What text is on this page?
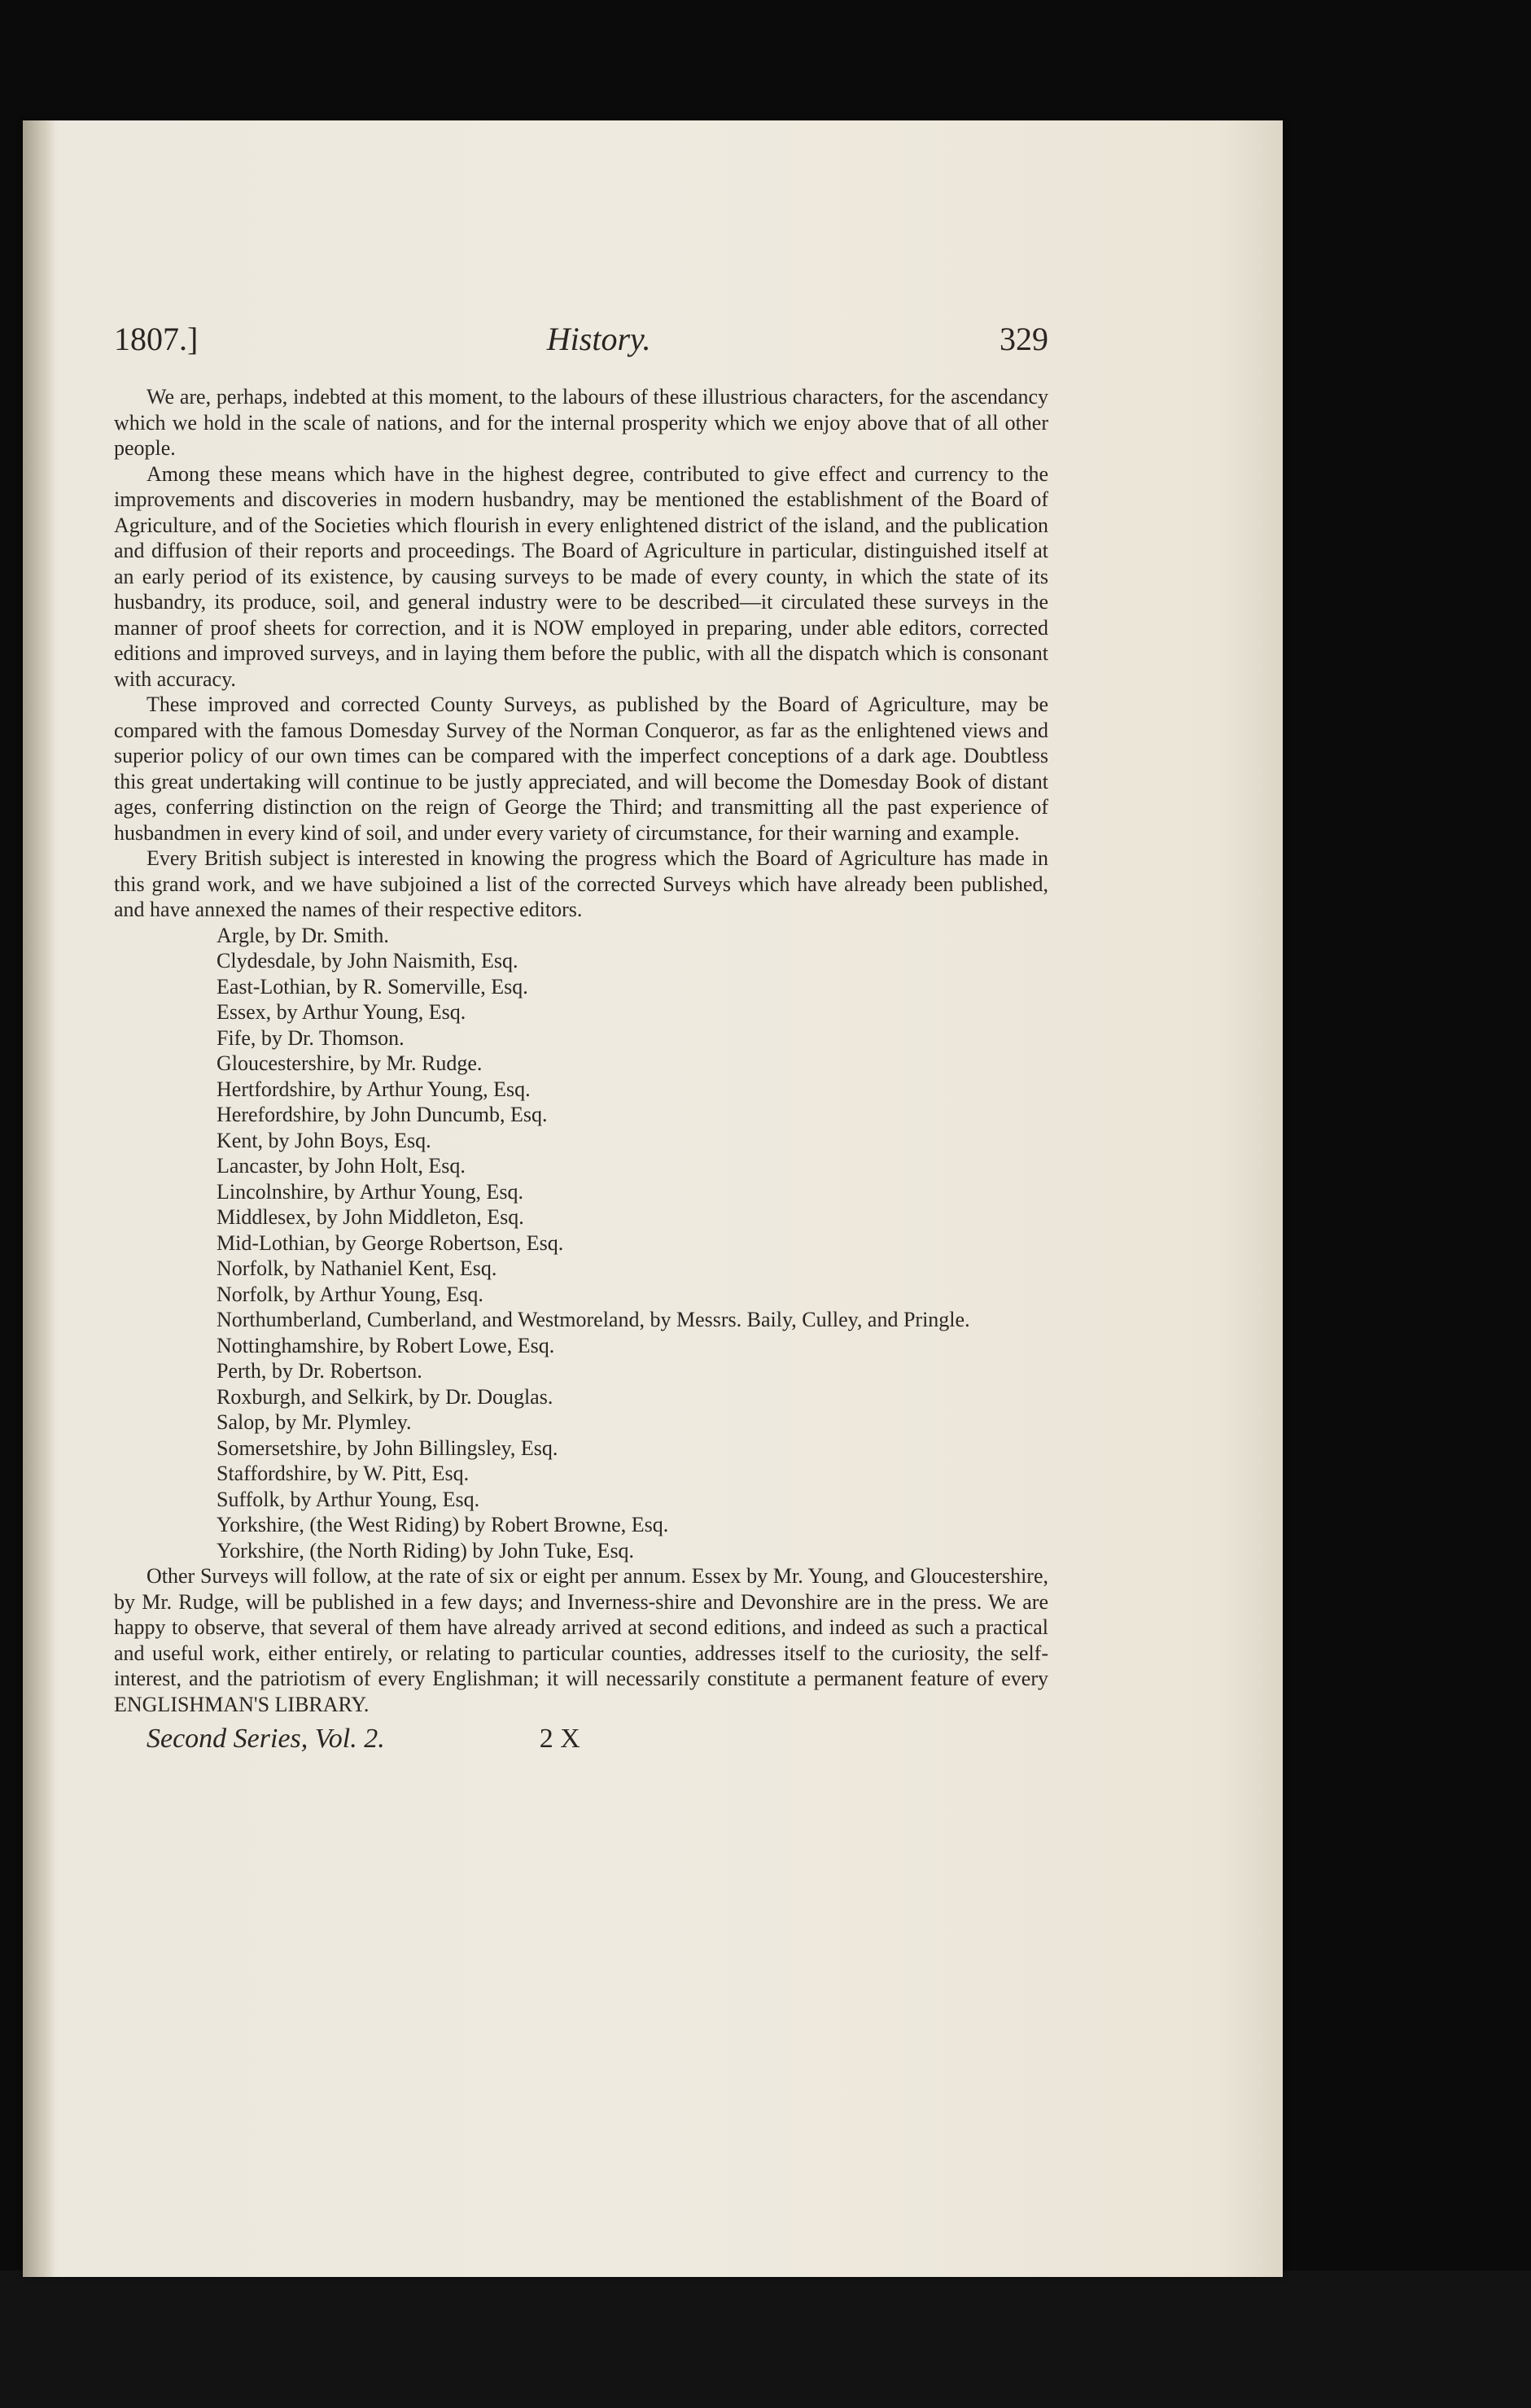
1807.]	History.	329

We are, perhaps, indebted at this moment, to the labours of these illustrious characters, for the ascendancy which we hold in the scale of nations, and for the internal prosperity which we enjoy above that of all other people.

Among these means which have in the highest degree, contributed to give effect and currency to the improvements and discoveries in modern husbandry, may be mentioned the establishment of the Board of Agriculture, and of the Societies which flourish in every enlightened district of the island, and the publication and diffusion of their reports and proceedings. The Board of Agriculture in particular, distinguished itself at an early period of its existence, by causing surveys to be made of every county, in which the state of its husbandry, its produce, soil, and general industry were to be described—it circulated these surveys in the manner of proof sheets for correction, and it is NOW employed in preparing, under able editors, corrected editions and improved surveys, and in laying them before the public, with all the dispatch which is consonant with accuracy.

These improved and corrected County Surveys, as published by the Board of Agriculture, may be compared with the famous Domesday Survey of the Norman Conqueror, as far as the enlightened views and superior policy of our own times can be compared with the imperfect conceptions of a dark age. Doubtless this great undertaking will continue to be justly appreciated, and will become the Domesday Book of distant ages, conferring distinction on the reign of George the Third; and transmitting all the past experience of husbandmen in every kind of soil, and under every variety of circumstance, for their warning and example.

Every British subject is interested in knowing the progress which the Board of Agriculture has made in this grand work, and we have subjoined a list of the corrected Surveys which have already been published, and have annexed the names of their respective editors.

Argle, by Dr. Smith.
Clydesdale, by John Naismith, Esq.
East-Lothian, by R. Somerville, Esq.
Essex, by Arthur Young, Esq.
Fife, by Dr. Thomson.
Gloucestershire, by Mr. Rudge.
Hertfordshire, by Arthur Young, Esq.
Herefordshire, by John Duncumb, Esq.
Kent, by John Boys, Esq.
Lancaster, by John Holt, Esq.
Lincolnshire, by Arthur Young, Esq.
Middlesex, by John Middleton, Esq.
Mid-Lothian, by George Robertson, Esq.
Norfolk, by Nathaniel Kent, Esq.
Norfolk, by Arthur Young, Esq.
Northumberland, Cumberland, and Westmoreland, by Messrs. Baily, Culley, and Pringle.
Nottinghamshire, by Robert Lowe, Esq.
Perth, by Dr. Robertson.
Roxburgh, and Selkirk, by Dr. Douglas.
Salop, by Mr. Plymley.
Somersetshire, by John Billingsley, Esq.
Staffordshire, by W. Pitt, Esq.
Suffolk, by Arthur Young, Esq.
Yorkshire, (the West Riding) by Robert Browne, Esq.
Yorkshire, (the North Riding) by John Tuke, Esq.

Other Surveys will follow, at the rate of six or eight per annum. Essex by Mr. Young, and Gloucestershire, by Mr. Rudge, will be published in a few days; and Inverness-shire and Devonshire are in the press. We are happy to observe, that several of them have already arrived at second editions, and indeed as such a practical and useful work, either entirely, or relating to particular counties, addresses itself to the curiosity, the self-interest, and the patriotism of every Englishman; it will necessarily constitute a permanent feature of every ENGLISHMAN'S LIBRARY.

Second Series, Vol. 2.	2 X
